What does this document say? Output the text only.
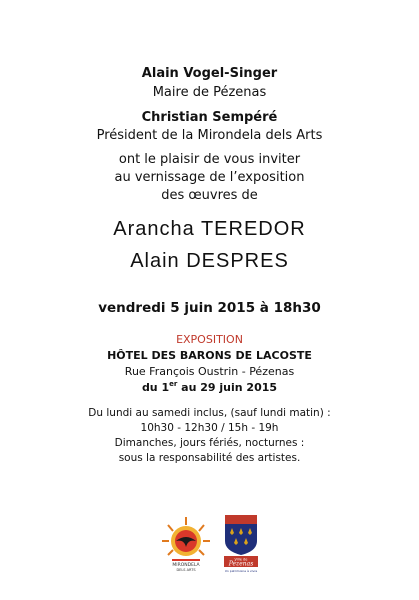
Alain Vogel-Singer
Maire de Pézenas
Christian Sempéré
Président de la Mirondela dels Arts
ont le plaisir de vous inviter
au vernissage de l’exposition
des œuvres de
Arancha TEREDOR
Alain DESPRES
vendredi 5 juin 2015 à 18h30
EXPOSITION
HÔTEL DES BARONS DE LACOSTE
Rue François Oustrin - Pézenas
du 1er au 29 juin 2015
Du lundi au samedi inclus, (sauf lundi matin) :
10h30 - 12h30 / 15h - 19h
Dimanches, jours fériés, nocturnes :
sous la responsabilité des artistes.
MIRONDELA
DELS ARTS
Ville de
Pézenas
Un patrimoine à vivre
